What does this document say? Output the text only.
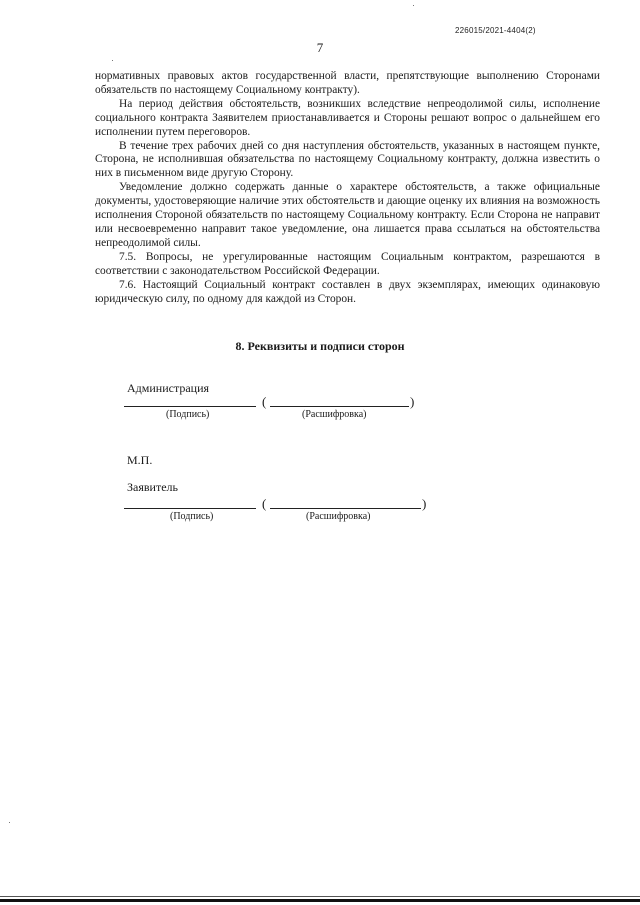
226015/2021-4404(2)
7

нормативных правовых актов государственной власти, препятствующие выполнению Сторонами обязательств по настоящему Социальному контракту).

На период действия обстоятельств, возникших вследствие непреодолимой силы, исполнение социального контракта Заявителем приостанавливается и Стороны решают вопрос о дальнейшем его исполнении путем переговоров.

В течение трех рабочих дней со дня наступления обстоятельств, указанных в настоящем пункте, Сторона, не исполнившая обязательства по настоящему Социальному контракту, должна известить о них в письменном виде другую Сторону.

Уведомление должно содержать данные о характере обстоятельств, а также официальные документы, удостоверяющие наличие этих обстоятельств и дающие оценку их влияния на возможность исполнения Стороной обязательств по настоящему Социальному контракту. Если Сторона не направит или несвоевременно направит такое уведомление, она лишается права ссылаться на обстоятельства непреодолимой силы.

7.5. Вопросы, не урегулированные настоящим Социальным контрактом, разрешаются в соответствии с законодательством Российской Федерации.

7.6. Настоящий Социальный контракт составлен в двух экземплярах, имеющих одинаковую юридическую силу, по одному для каждой из Сторон.

8. Реквизиты и подписи сторон
Администрация
(	)
(Подпись)	(Расшифровка)
М.П.
Заявитель
(	)
(Подпись)	(Расшифровка)
